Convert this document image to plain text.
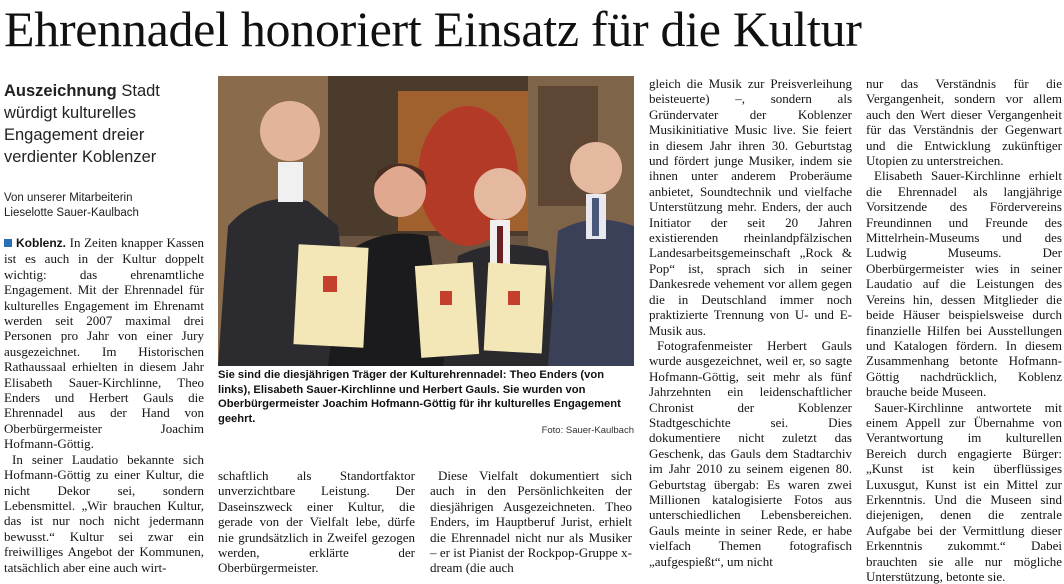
Ehrennadel honoriert Einsatz für die Kultur
Auszeichnung Stadt würdigt kulturelles Engagement dreier verdienter Koblenzer
Von unserer Mitarbeiterin
Lieselotte Sauer-Kaulbach

Koblenz. In Zeiten knapper Kassen ist es auch in der Kultur doppelt wichtig: das ehrenamtliche Engagement. Mit der Ehrennadel für kulturelles Engagement im Ehrenamt werden seit 2007 maximal drei Personen pro Jahr von einer Jury ausgezeichnet. Im Historischen Rathaussaal erhielten in diesem Jahr Elisabeth Sauer-Kirchlinne, Theo Enders und Herbert Gauls die Ehrennadel aus der Hand von Oberbürgermeister Joachim Hofmann-Göttig.

In seiner Laudatio bekannte sich Hofmann-Göttig zu einer Kultur, die nicht Dekor sei, sondern Lebensmittel. „Wir brauchen Kultur, das ist nur noch nicht jedermann bewusst.“ Kultur sei zwar ein freiwilliges Angebot der Kommunen, tatsächlich aber eine auch wirt-

Sie sind die diesjährigen Träger der Kulturehrennadel: Theo Enders (von links), Elisabeth Sauer-Kirchlinne und Herbert Gauls. Sie wurden von Oberbürgermeister Joachim Hofmann-Göttig für ihr kulturelles Engagement geehrt.
Foto: Sauer-Kaulbach

schaftlich als Standortfaktor unverzichtbare Leistung. Der Daseinszweck einer Kultur, die gerade von der Vielfalt lebe, dürfe nie grundsätzlich in Zweifel gezogen werden, erklärte der Oberbürgermeister.

Diese Vielfalt dokumentiert sich auch in den Persönlichkeiten der diesjährigen Ausgezeichneten. Theo Enders, im Hauptberuf Jurist, erhielt die Ehrennadel nicht nur als Musiker – er ist Pianist der Rockpop-Gruppe x-dream (die auch

gleich die Musik zur Preisverleihung beisteuerte) –, sondern als Gründervater der Koblenzer Musikinitiative Music live. Sie feiert in diesem Jahr ihren 30. Geburtstag und fördert junge Musiker, indem sie ihnen unter anderem Proberäume anbietet, Soundtechnik und vielfache Unterstützung mehr. Enders, der auch Initiator der seit 20 Jahren existierenden rheinlandpfälzischen Landesarbeitsgemeinschaft „Rock & Pop“ ist, sprach sich in seiner Dankesrede vehement vor allem gegen die in Deutschland immer noch praktizierte Trennung von U- und E-Musik aus.

Fotografenmeister Herbert Gauls wurde ausgezeichnet, weil er, so sagte Hofmann-Göttig, seit mehr als fünf Jahrzehnten ein leidenschaftlicher Chronist der Koblenzer Stadtgeschichte sei. Dies dokumentiere nicht zuletzt das Geschenk, das Gauls dem Stadtarchiv im Jahr 2010 zu seinem eigenen 80. Geburtstag übergab: Es waren zwei Millionen katalogisierte Fotos aus unterschiedlichen Lebensbereichen. Gauls meinte in seiner Rede, er habe vielfach Themen fotografisch „aufgespießt“, um nicht

nur das Verständnis für die Vergangenheit, sondern vor allem auch den Wert dieser Vergangenheit für das Verständnis der Gegenwart und die Entwicklung zukünftiger Utopien zu unterstreichen.

Elisabeth Sauer-Kirchlinne erhielt die Ehrennadel als langjährige Vorsitzende des Fördervereins Freundinnen und Freunde des Mittelrhein-Museums und des Ludwig Museums. Der Oberbürgermeister wies in seiner Laudatio auf die Leistungen des Vereins hin, dessen Mitglieder die beide Häuser beispielsweise durch finanzielle Hilfen bei Ausstellungen und Katalogen fördern. In diesem Zusammenhang betonte Hofmann-Göttig nachdrücklich, Koblenz brauche beide Museen.

Sauer-Kirchlinne antwortete mit einem Appell zur Übernahme von Verantwortung im kulturellen Bereich durch engagierte Bürger: „Kunst ist kein überflüssiges Luxusgut, Kunst ist ein Mittel zur Erkenntnis. Und die Museen sind diejenigen, denen die zentrale Aufgabe bei der Vermittlung dieser Erkenntnis zukommt.“ Dabei brauchten sie alle nur mögliche Unterstützung, betonte sie.
